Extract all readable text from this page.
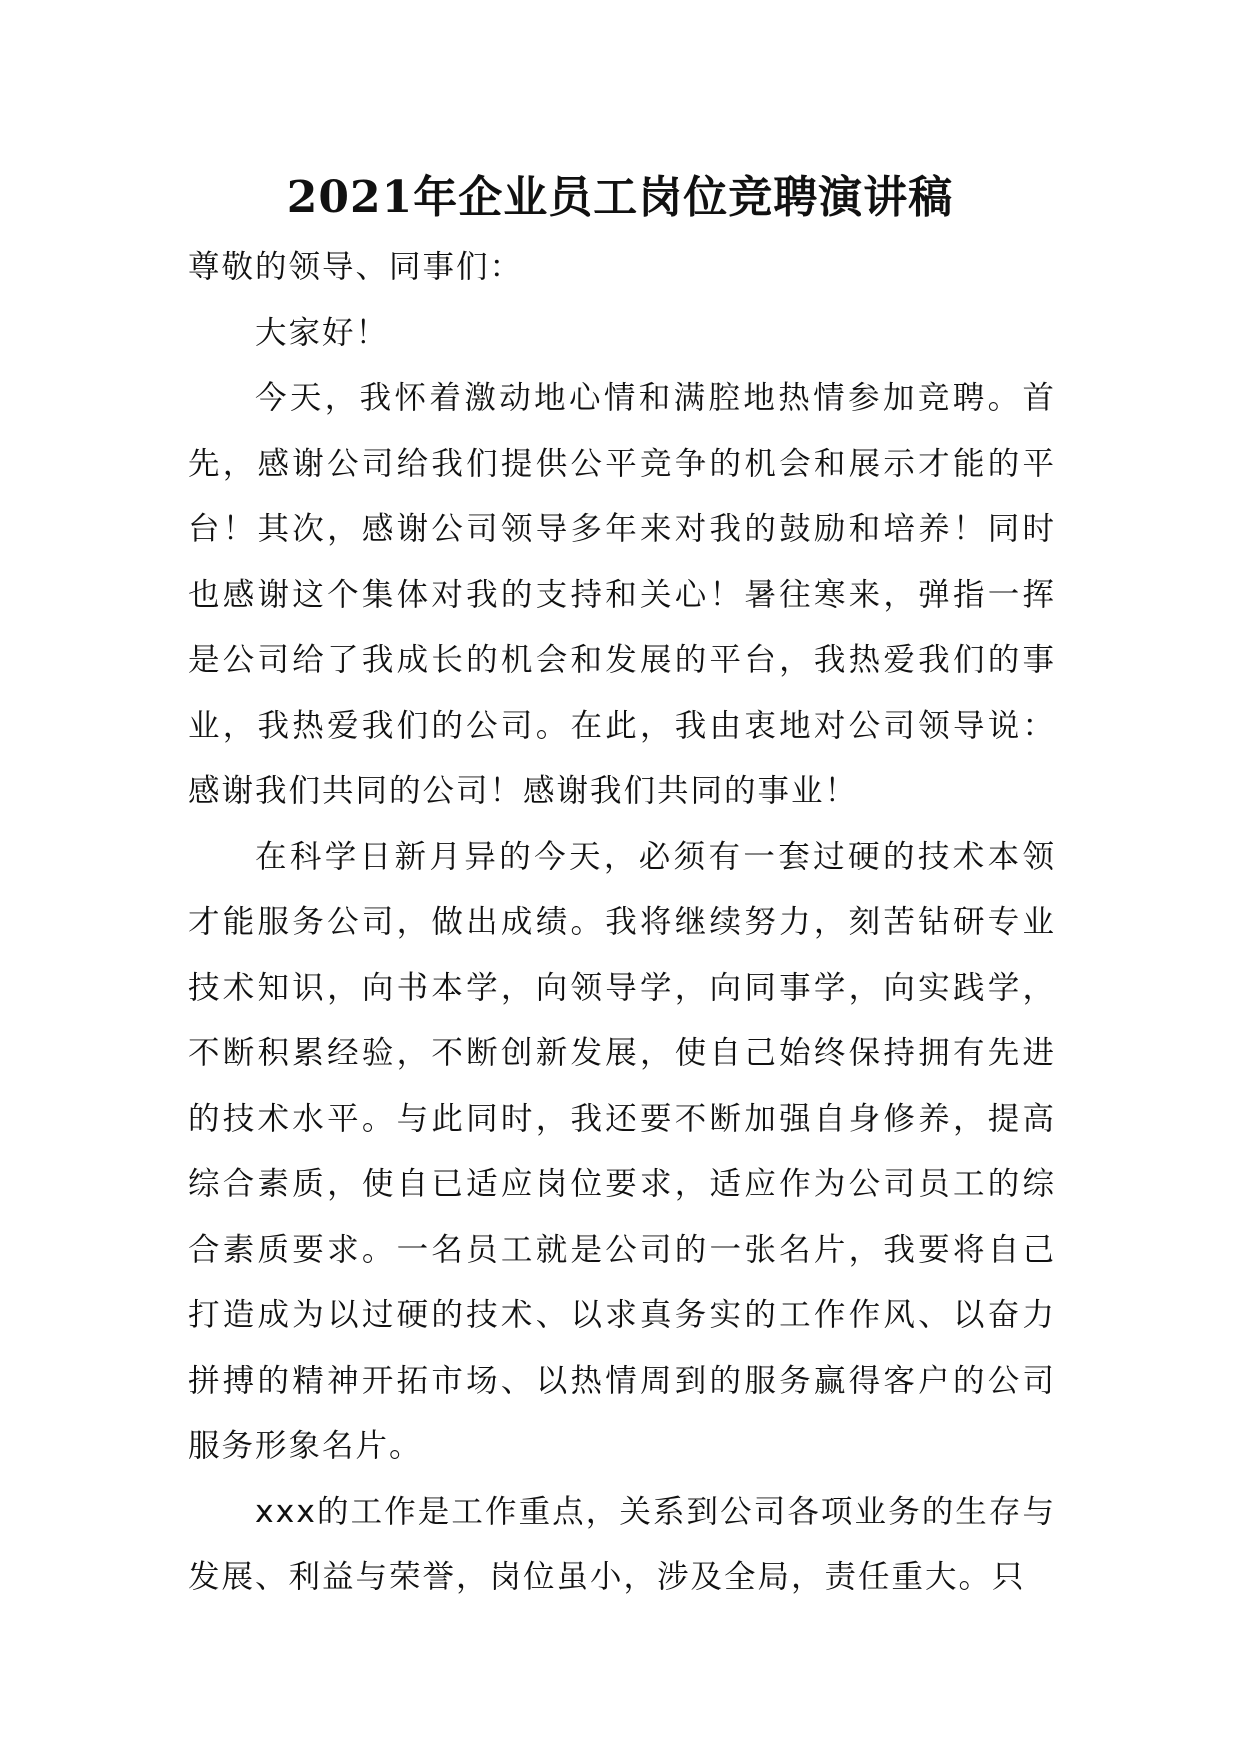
2021年企业员工岗位竞聘演讲稿

尊敬的领导、同事们：

大家好！

今天，我怀着激动地心情和满腔地热情参加竞聘。首先，感谢公司给我们提供公平竞争的机会和展示才能的平台！其次，感谢公司领导多年来对我的鼓励和培养！同时也感谢这个集体对我的支持和关心！暑往寒来，弹指一挥是公司给了我成长的机会和发展的平台，我热爱我们的事业，我热爱我们的公司。在此，我由衷地对公司领导说：感谢我们共同的公司！感谢我们共同的事业！

在科学日新月异的今天，必须有一套过硬的技术本领才能服务公司，做出成绩。我将继续努力，刻苦钻研专业技术知识，向书本学，向领导学，向同事学，向实践学，不断积累经验，不断创新发展，使自己始终保持拥有先进的技术水平。与此同时，我还要不断加强自身修养，提高综合素质，使自已适应岗位要求，适应作为公司员工的综合素质要求。一名员工就是公司的一张名片，我要将自己打造成为以过硬的技术、以求真务实的工作作风、以奋力拼搏的精神开拓市场、以热情周到的服务赢得客户的公司服务形象名片。

xxx的工作是工作重点，关系到公司各项业务的生存与发展、利益与荣誉，岗位虽小，涉及全局，责任重大。只
